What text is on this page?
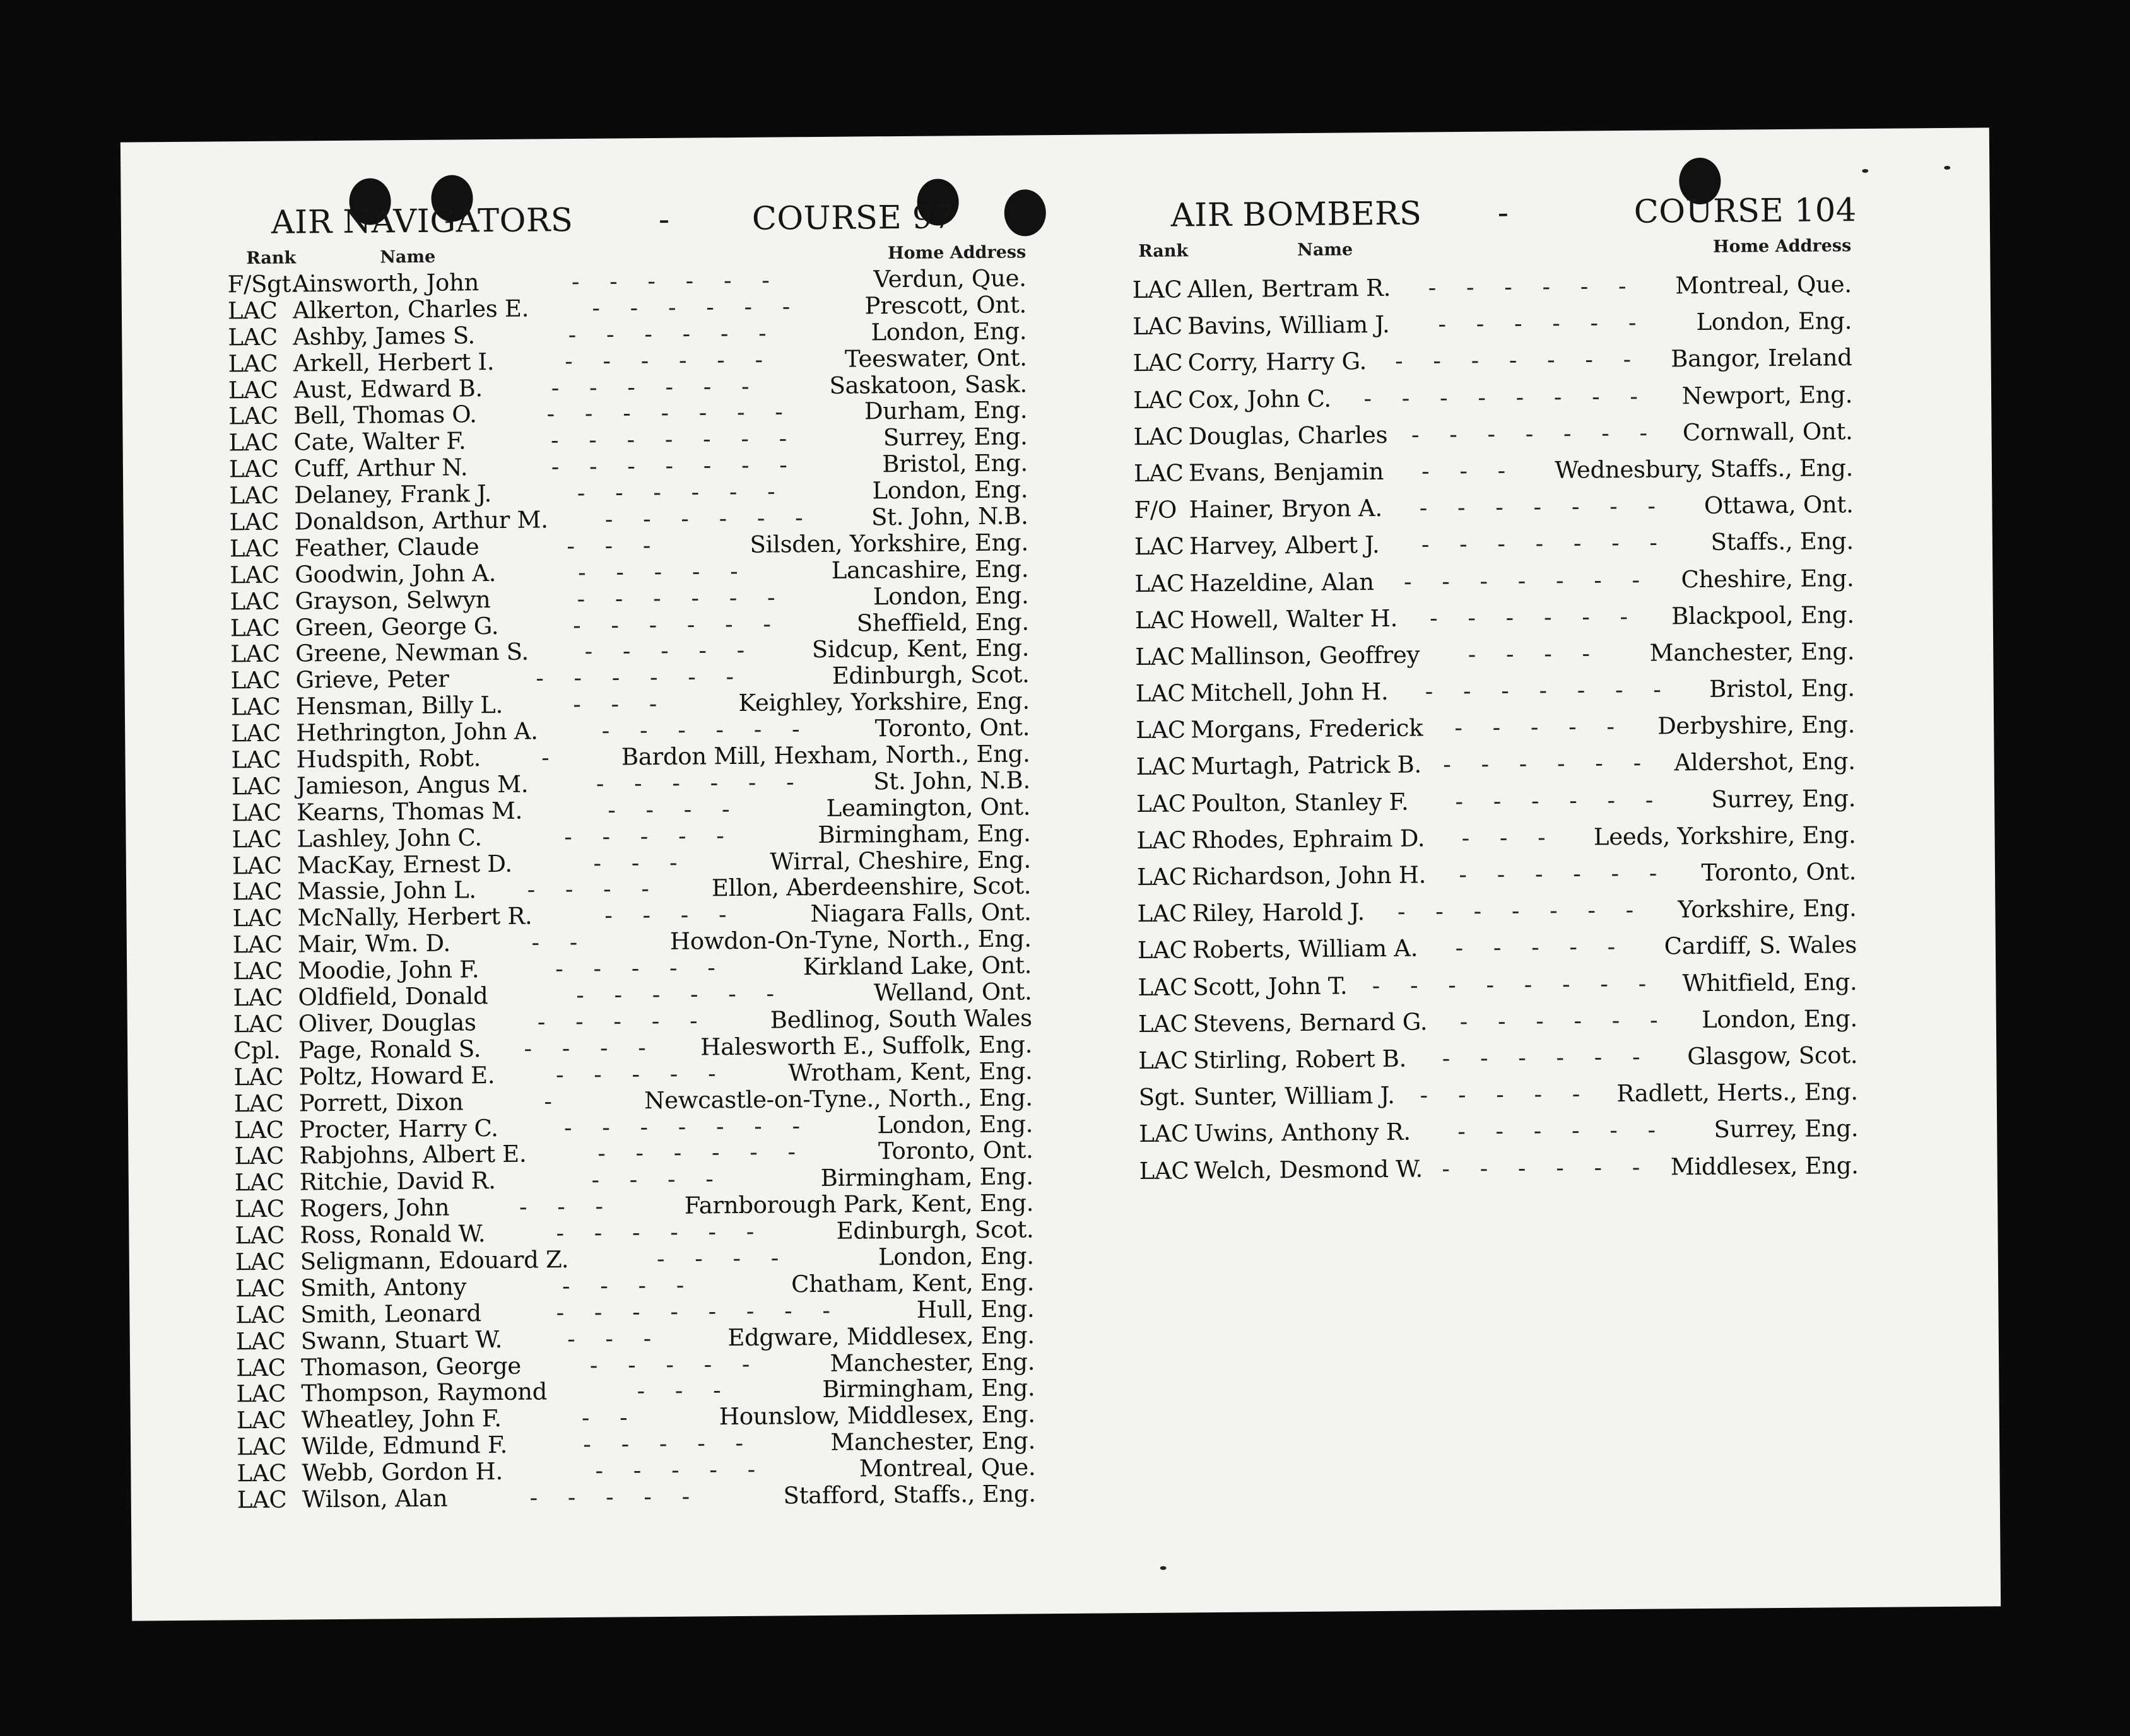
AIR NAVIGATORS	-	COURSE 97
Rank	Name	Home Address
F/Sgt.Ainsworth, John	- - - - - -	Verdun, Que.
LAC Alkerton, Charles E.	- - - - - -	Prescott, Ont.
LAC Ashby, James S.	- - - - - -	London, Eng.
LAC Arkell, Herbert I.	- - - - - -	Teeswater, Ont.
LAC Aust, Edward B.	- - - - - -	Saskatoon, Sask.
LAC Bell, Thomas O.	- - - - - - -	Durham, Eng.
LAC Cate, Walter F.	- - - - - - -	Surrey, Eng.
LAC Cuff, Arthur N.	- - - - - - -	Bristol, Eng.
LAC Delaney, Frank J.	- - - - - -	London, Eng.
LAC Donaldson, Arthur M.	- - - - - -	St. John, N.B.
LAC Feather, Claude	- - -	Silsden, Yorkshire, Eng.
LAC Goodwin, John A.	- - - - -	Lancashire, Eng.
LAC Grayson, Selwyn	- - - - - -	London, Eng.
LAC Green, George G.	- - - - - -	Sheffield, Eng.
LAC Greene, Newman S.	- - - - -	Sidcup, Kent, Eng.
LAC Grieve, Peter	- - - - - -	Edinburgh, Scot.
LAC Hensman, Billy L.	- - -	Keighley, Yorkshire, Eng.
LAC Hethrington, John A.	- - - - - -	Toronto, Ont.
LAC Hudspith, Robt.	-	Bardon Mill, Hexham, North., Eng.
LAC Jamieson, Angus M.	- - - - - -	St. John, N.B.
LAC Kearns, Thomas M.	- - - -	Leamington, Ont.
LAC Lashley, John C.	- - - - -	Birmingham, Eng.
LAC MacKay, Ernest D.	- - -	Wirral, Cheshire, Eng.
LAC Massie, John L.	- - - -	Ellon, Aberdeenshire, Scot.
LAC McNally, Herbert R.	- - - -	Niagara Falls, Ont.
LAC Mair, Wm. D.	- -	Howdon-On-Tyne, North., Eng.
LAC Moodie, John F.	- - - - -	Kirkland Lake, Ont.
LAC Oldfield, Donald	- - - - - -	Welland, Ont.
LAC Oliver, Douglas	- - - - -	Bedlinog, South Wales
Cpl. Page, Ronald S.	- - - -	Halesworth E., Suffolk, Eng.
LAC Poltz, Howard E.	- - - - -	Wrotham, Kent, Eng.
LAC Porrett, Dixon	-	Newcastle-on-Tyne., North., Eng.
LAC Procter, Harry C.	- - - - - - -	London, Eng.
LAC Rabjohns, Albert E.	- - - - - -	Toronto, Ont.
LAC Ritchie, David R.	- - - -	Birmingham, Eng.
LAC Rogers, John	- - -	Farnborough Park, Kent, Eng.
LAC Ross, Ronald W.	- - - - - -	Edinburgh, Scot.
LAC Seligmann, Edouard Z.	- - - -	London, Eng.
LAC Smith, Antony	- - - -	Chatham, Kent, Eng.
LAC Smith, Leonard	- - - - - - - -	Hull, Eng.
LAC Swann, Stuart W.	- - -	Edgware, Middlesex, Eng.
LAC Thomason, George	- - - - -	Manchester, Eng.
LAC Thompson, Raymond	- - -	Birmingham, Eng.
LAC Wheatley, John F.	- -	Hounslow, Middlesex, Eng.
LAC Wilde, Edmund F.	- - - - -	Manchester, Eng.
LAC Webb, Gordon H.	- - - - -	Montreal, Que.
LAC Wilson, Alan	- - - - -	Stafford, Staffs., Eng.
AIR BOMBERS -	COURSE 104
Rank	Name	Home Address
LAC Allen, Bertram R.	- - - - - -	Montreal, Que.
LAC Bavins, William J.	- - - - - -	London, Eng.
LAC Corry, Harry G.	- - - - - - -	Bangor, Ireland
LAC Cox, John C.	- - - - - - - -	Newport, Eng.
LAC Douglas, Charles	- - - - - - -	Cornwall, Ont.
LAC Evans, Benjamin	- - -	Wednesbury, Staffs., Eng.
F/O Hainer, Bryon A.	- - - - - - -	Ottawa, Ont.
LAC Harvey, Albert J.	- - - - - - -	Staffs., Eng.
LAC Hazeldine, Alan	- - - - - - -	Cheshire, Eng.
LAC Howell, Walter H.	- - - - - -	Blackpool, Eng.
LAC Mallinson, Geoffrey	- - - -	Manchester, Eng.
LAC Mitchell, John H.	- - - - - - -	Bristol, Eng.
LAC Morgans, Frederick	- - - - -	Derbyshire, Eng.
LAC Murtagh, Patrick B. - - - - - - Aldershot, Eng.
LAC Poulton, Stanley F.	- - - - - -	Surrey, Eng.
LAC Rhodes, Ephraim D.	- - -	Leeds, Yorkshire, Eng.
LAC Richardson, John H.	- - - - - -	Toronto, Ont.
LAC Riley, Harold J.	- - - - - - -	Yorkshire, Eng.
LAC Roberts, William A.	- - - - -	Cardiff, S. Wales
LAC Scott, John T.	- - - - - - - -	Whitfield, Eng.
LAC Stevens, Bernard G.	- - - - - -	London, Eng.
LAC Stirling, Robert B.	- - - - - -	Glasgow, Scot.
Sgt. Sunter, William J.	- - - - -	Radlett, Herts., Eng.
LAC Uwins, Anthony R.	- - - - - -	Surrey, Eng.
LAC Welch, Desmond W. - - - - - - Middlesex, Eng.
